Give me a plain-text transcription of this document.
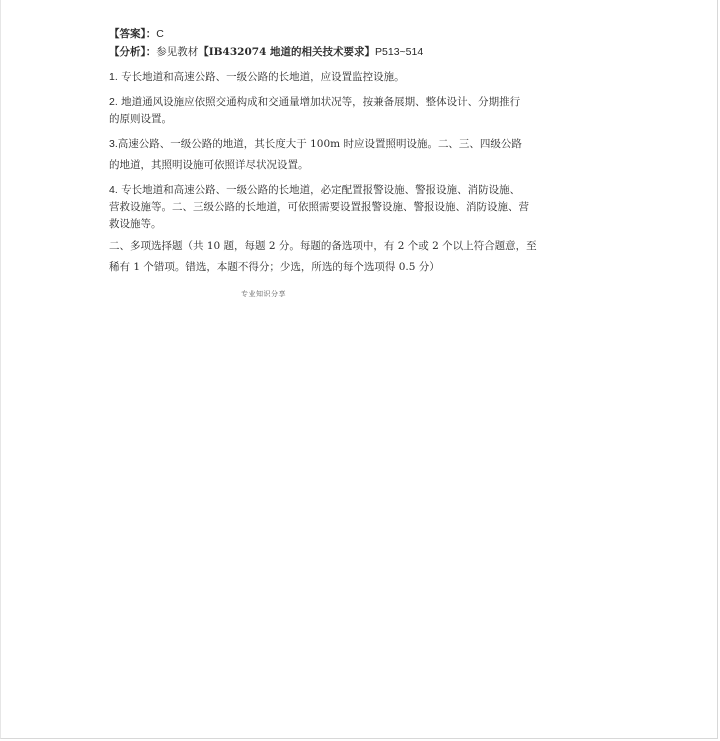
【答案】：C
【分析】：参见教材【IB432074 地道的相关技术要求】P513~514
1. 专长地道和高速公路、一级公路的长地道，应设置监控设施。
2. 地道通风设施应依照交通构成和交通量增加状况等，按兼备展期、整体设计、分期推行
的原则设置。
3.高速公路、一级公路的地道，其长度大于 100m 时应设置照明设施。二、三、四级公路
的地道，其照明设施可依照详尽状况设置。
4. 专长地道和高速公路、一级公路的长地道，必定配置报警设施、警报设施、消防设施、
营救设施等。二、三级公路的长地道，可依照需要设置报警设施、警报设施、消防设施、营
救设施等。
二、多项选择题（共 10 题，每题 2 分。每题的备选项中，有 2 个或 2 个以上符合题意，至
稀有 1 个错项。错选，本题不得分；少选，所选的每个选项得 0.5 分）
专业知识分享
